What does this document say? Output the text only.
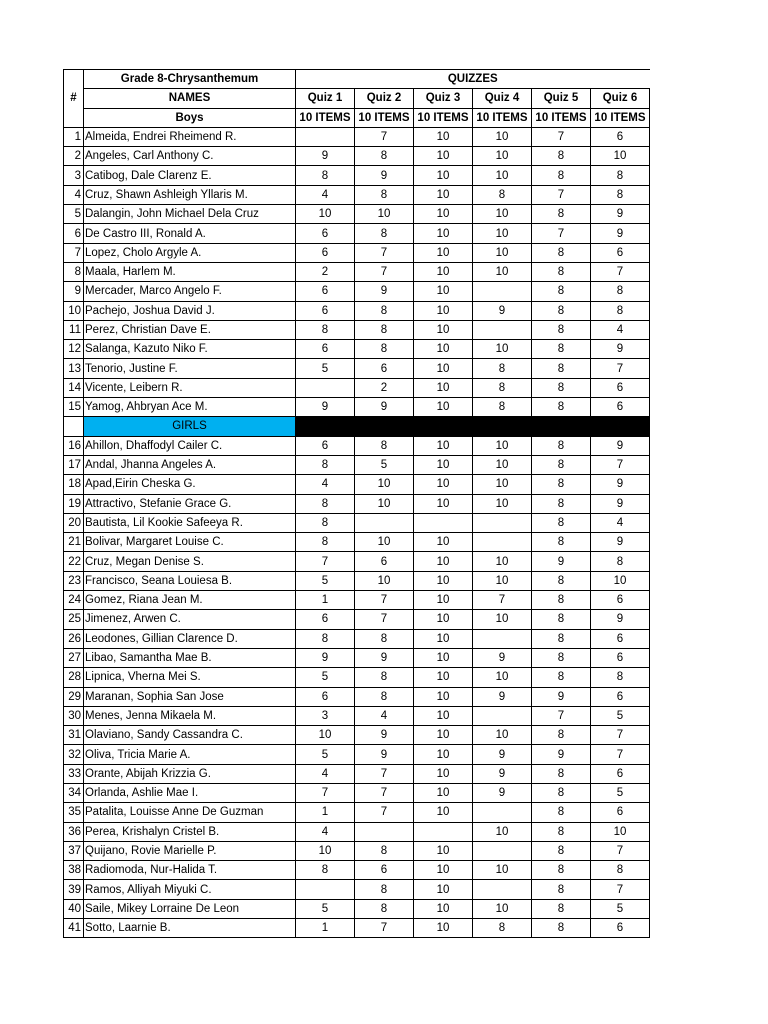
#	Grade 8-Chrysanthemum	QUIZZES					
	NAMES	Quiz 1	Quiz 2	Quiz 3	Quiz 4	Quiz 5	Quiz 6
	Boys	10 ITEMS	10 ITEMS	10 ITEMS	10 ITEMS	10 ITEMS	10 ITEMS
1	Almeida, Endrei Rheimend R.		7	10	10	7	6
2	Angeles, Carl Anthony C.	9	8	10	10	8	10
3	Catibog, Dale Clarenz E.	8	9	10	10	8	8
4	Cruz, Shawn Ashleigh Yllaris M.	4	8	10	8	7	8
5	Dalangin, John Michael Dela Cruz	10	10	10	10	8	9
6	De Castro III, Ronald A.	6	8	10	10	7	9
7	Lopez, Cholo Argyle A.	6	7	10	10	8	6
8	Maala, Harlem M.	2	7	10	10	8	7
9	Mercader, Marco Angelo F.	6	9	10		8	8
10	Pachejo, Joshua David J.	6	8	10	9	8	8
11	Perez, Christian Dave E.	8	8	10		8	4
12	Salanga, Kazuto Niko F.	6	8	10	10	8	9
13	Tenorio, Justine F.	5	6	10	8	8	7
14	Vicente, Leibern R.		2	10	8	8	6
15	Yamog, Ahbryan Ace M.	9	9	10	8	8	6
	GIRLS						
16	Ahillon, Dhaffodyl Cailer C.	6	8	10	10	8	9
17	Andal, Jhanna Angeles A.	8	5	10	10	8	7
18	Apad,Eirin Cheska G.	4	10	10	10	8	9
19	Attractivo, Stefanie Grace G.	8	10	10	10	8	9
20	Bautista, Lil Kookie Safeeya R.	8				8	4
21	Bolivar, Margaret Louise C.	8	10	10		8	9
22	Cruz, Megan Denise S.	7	6	10	10	9	8
23	Francisco, Seana Louiesa B.	5	10	10	10	8	10
24	Gomez, Riana Jean M.	1	7	10	7	8	6
25	Jimenez, Arwen C.	6	7	10	10	8	9
26	Leodones, Gillian Clarence D.	8	8	10		8	6
27	Libao, Samantha Mae B.	9	9	10	9	8	6
28	Lipnica, Vherna Mei S.	5	8	10	10	8	8
29	Maranan, Sophia San Jose	6	8	10	9	9	6
30	Menes, Jenna Mikaela M.	3	4	10		7	5
31	Olaviano, Sandy Cassandra C.	10	9	10	10	8	7
32	Oliva, Tricia Marie A.	5	9	10	9	9	7
33	Orante, Abijah Krizzia G.	4	7	10	9	8	6
34	Orlanda, Ashlie Mae I.	7	7	10	9	8	5
35	Patalita, Louisse Anne De Guzman	1	7	10		8	6
36	Perea, Krishalyn Cristel B.	4			10	8	10
37	Quijano, Rovie Marielle P.	10	8	10		8	7
38	Radiomoda, Nur-Halida T.	8	6	10	10	8	8
39	Ramos, Alliyah Miyuki C.		8	10		8	7
40	Saile, Mikey Lorraine De Leon	5	8	10	10	8	5
41	Sotto, Laarnie B.	1	7	10	8	8	6
